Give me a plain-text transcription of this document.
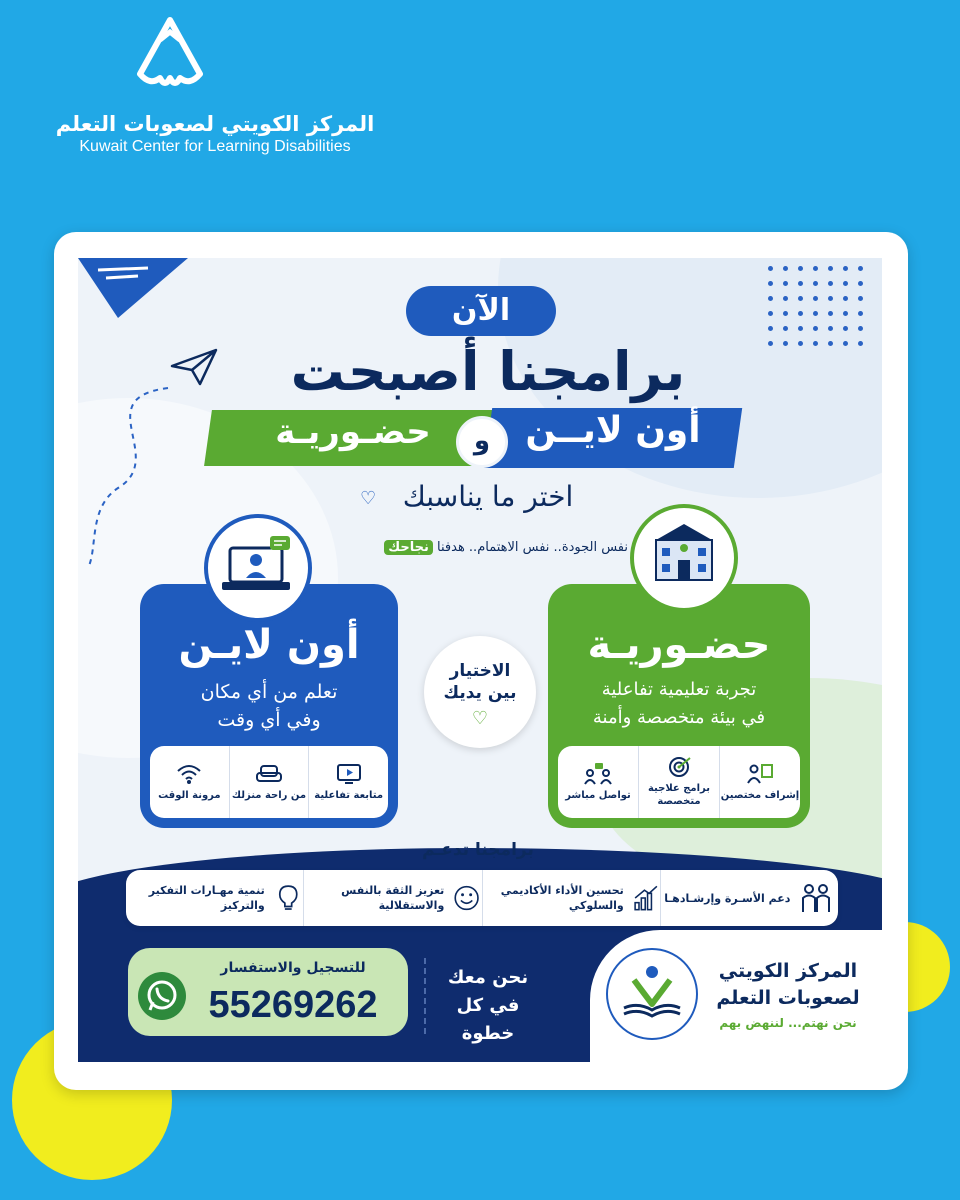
المركز الكويتي لصعوبات التعلم
Kuwait Center for Learning Disabilities
الآن
برامجنا أصبحت
حضـوريـة	أون لايــن
و
♡ اختر ما يناسبك
نفس الجودة.. نفس الاهتمام.. هدفنا نجاحك
أون لايـن
تعلم من أي مكان
وفي أي وقت
متابعة تفاعلية
من راحة منزلك
مرونة الوقت
حضـوريـة
تجربة تعليمية تفاعلية
في بيئة متخصصة وأمنة
إشراف مختصين
برامج علاجية متخصصة
تواصل مباشر
الاختيار
بين يديك
♡
برامجنا تدعـم
دعم الأسـرة وإرشـادهـا
تحسين الأداء الأكاديمي والسلوكي
تعزيز الثقة بالنفس والاستقلالية
تنمية مهـارات التفكير والتركيز
للتسجيل والاستفسار
55269262
نحن معك
في كل خطوة
المركز الكويتي
لصعوبات التعلم
نحن نهتم... لننهض بهم
